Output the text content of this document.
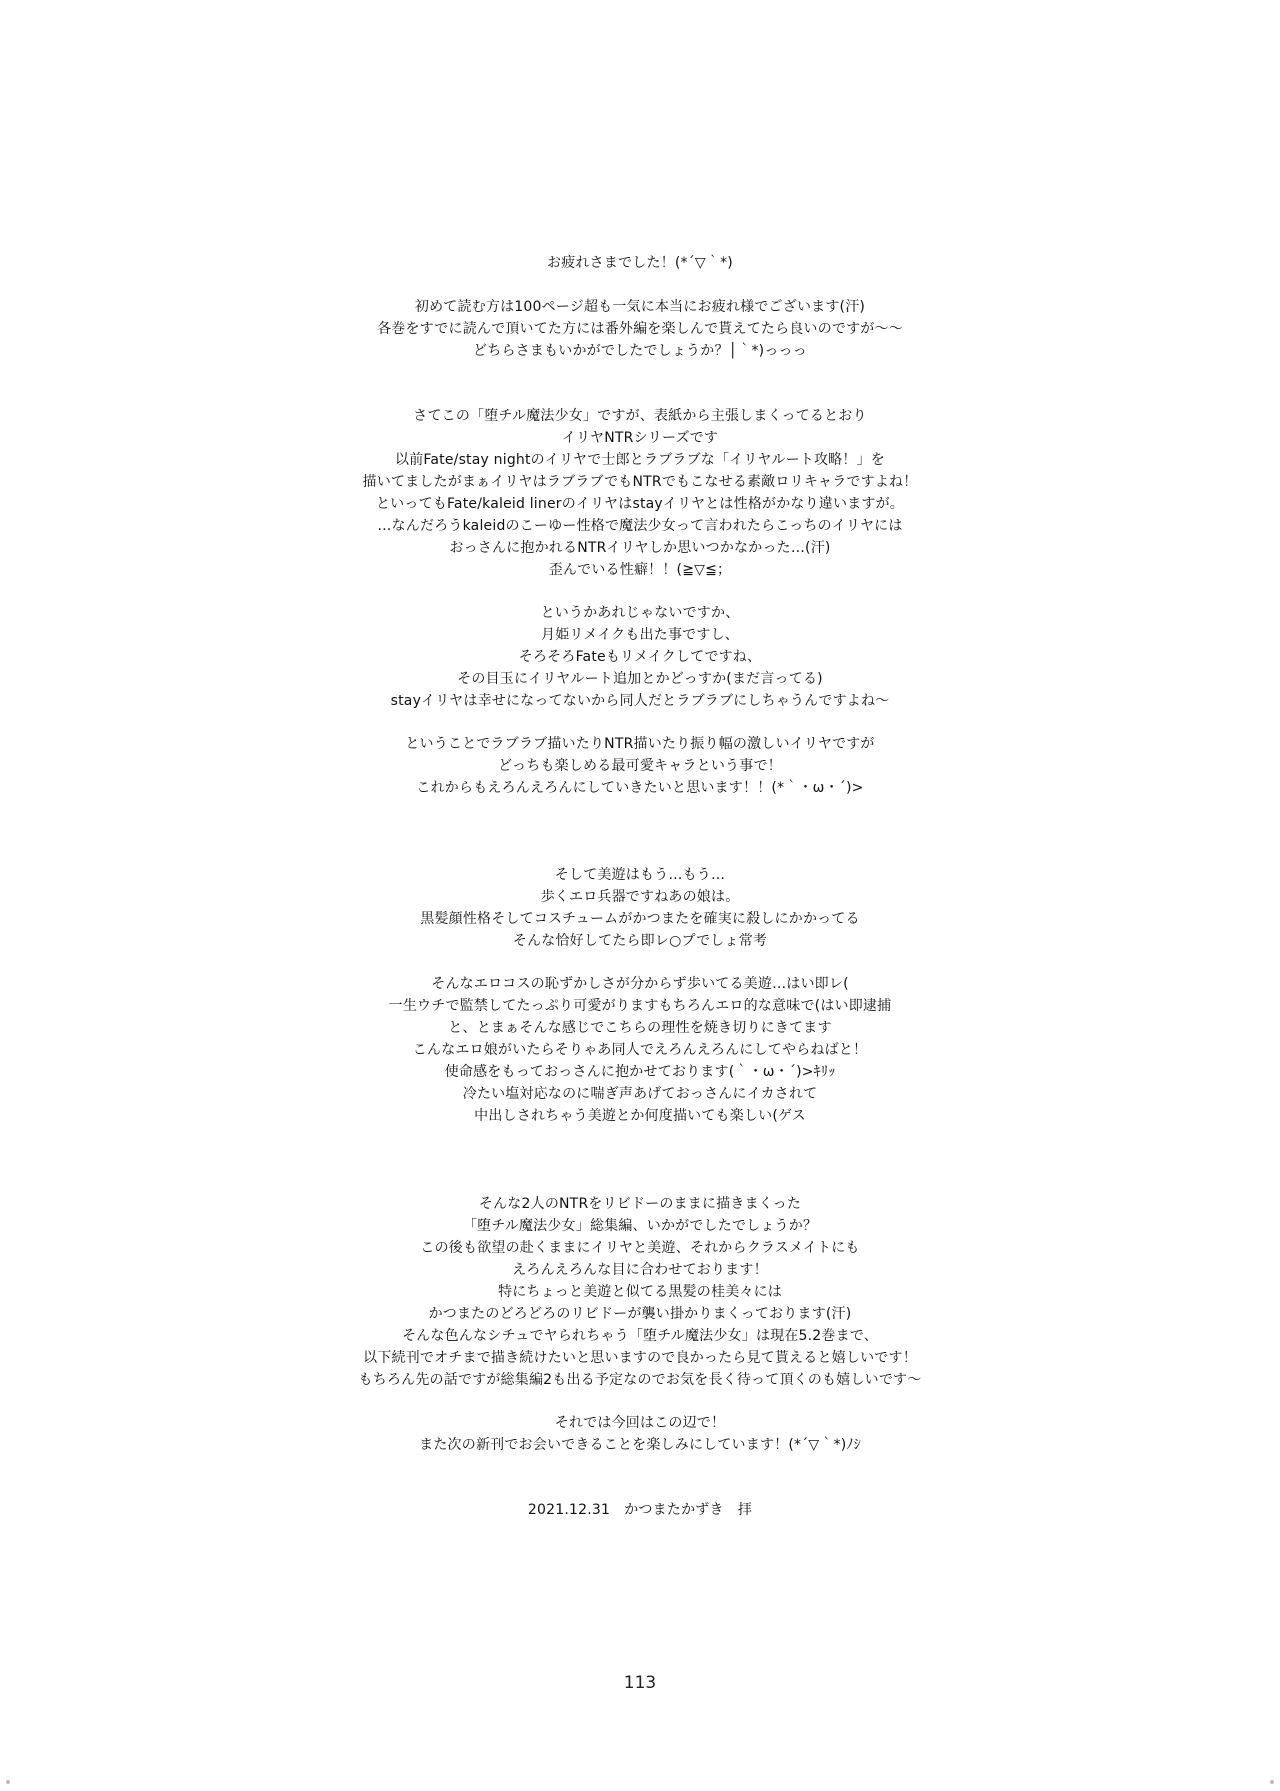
お疲れさまでした！(*´▽｀*)
初めて読む方は100ページ超も一気に本当にお疲れ様でございます(汗)
各巻をすでに読んで頂いてた方には番外編を楽しんで貰えてたら良いのですが～～
どちらさまもいかがでしたでしょうか？│｀*)っっっ
さてこの「堕チル魔法少女」ですが、表紙から主張しまくってるとおり
イリヤNTRシリーズです
以前Fate/stay nightのイリヤで士郎とラブラブな「イリヤルート攻略！」を
描いてましたがまぁイリヤはラブラブでもNTRでもこなせる素敵ロリキャラですよね！
といってもFate/kaleid linerのイリヤはstayイリヤとは性格がかなり違いますが。
…なんだろうkaleidのこーゆー性格で魔法少女って言われたらこっちのイリヤには
おっさんに抱かれるNTRイリヤしか思いつかなかった…(汗)
歪んでいる性癖！！(≧▽≦；
というかあれじゃないですか、
月姫リメイクも出た事ですし、
そろそろFateもリメイクしてですね、
その目玉にイリヤルート追加とかどっすか(まだ言ってる)
stayイリヤは幸せになってないから同人だとラブラブにしちゃうんですよね～
ということでラブラブ描いたりNTR描いたり振り幅の激しいイリヤですが
どっちも楽しめる最可愛キャラという事で！
これからもえろんえろんにしていきたいと思います！！(*｀・ω・´)>
そして美遊はもう…もう…
歩くエロ兵器ですねあの娘は。
黒髪顔性格そしてコスチュームがかつまたを確実に殺しにかかってる
そんな恰好してたら即レ○プでしょ常考
そんなエロコスの恥ずかしさが分からず歩いてる美遊…はい即レ(
一生ウチで監禁してたっぷり可愛がりますもちろんエロ的な意味で(はい即逮捕
と、とまぁそんな感じでこちらの理性を焼き切りにきてます
こんなエロ娘がいたらそりゃあ同人でえろんえろんにしてやらねばと！
使命感をもっておっさんに抱かせております(｀・ω・´)>ｷﾘｯ
冷たい塩対応なのに喘ぎ声あげておっさんにイカされて
中出しされちゃう美遊とか何度描いても楽しい(ゲス
そんな2人のNTRをリビドーのままに描きまくった
「堕チル魔法少女」総集編、いかがでしたでしょうか？
この後も欲望の赴くままにイリヤと美遊、それからクラスメイトにも
えろんえろんな目に合わせております！
特にちょっと美遊と似てる黒髪の桂美々には
かつまたのどろどろのリビドーが襲い掛かりまくっております(汗)
そんな色んなシチュでヤられちゃう「堕チル魔法少女」は現在5.2巻まで、
以下続刊でオチまで描き続けたいと思いますので良かったら見て貰えると嬉しいです！
もちろん先の話ですが総集編2も出る予定なのでお気を長く待って頂くのも嬉しいです～
それでは今回はこの辺で！
また次の新刊でお会いできることを楽しみにしています！(*´▽｀*)ﾉｼ
2021.12.31　かつまたかずき　拝
113
